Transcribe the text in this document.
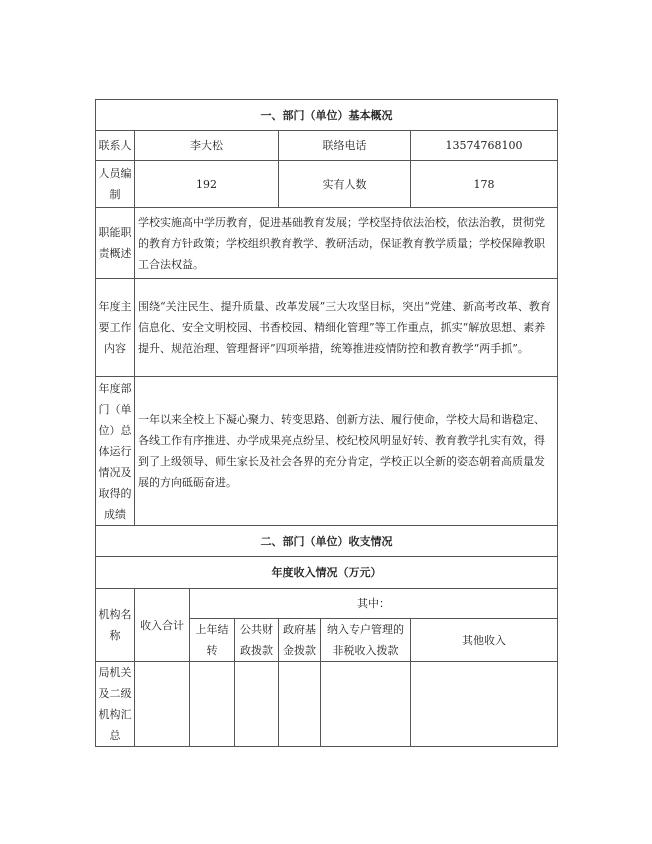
一、部门（单位）基本概况						
联系人	李大松			联络电话		13574768100
人员编制	192			实有人数		178
职能职责概述	学校实施高中学历教育，促进基础教育发展；学校坚持依法治校，依法治教，贯彻党的教育方针政策；学校组织教育教学、教研活动，保证教育教学质量；学校保障教职工合法权益。					
年度主要工作内容	围绕“关注民生、提升质量、改革发展”三大攻坚目标，突出“党建、新高考改革、教育信息化、安全文明校园、书香校园、精细化管理”等工作重点，抓实“解放思想、素养提升、规范治理、管理督评”四项举措，统筹推进疫情防控和教育教学“两手抓”。					
年度部门（单位）总体运行情况及取得的成绩	一年以来全校上下凝心聚力、转变思路、创新方法、履行使命，学校大局和谐稳定、各线工作有序推进、办学成果亮点纷呈、校纪校风明显好转、教育教学扎实有效，得到了上级领导、师生家长及社会各界的充分肯定，学校正以全新的姿态朝着高质量发展的方向砥砺奋进。					
二、部门（单位）收支情况						
年度收入情况（万元）						
机构名称	收入合计	其中：				
		上年结转	公共财政拨款	政府基金拨款	纳入专户管理的非税收入拨款	其他收入
局机关及二级机构汇总						
